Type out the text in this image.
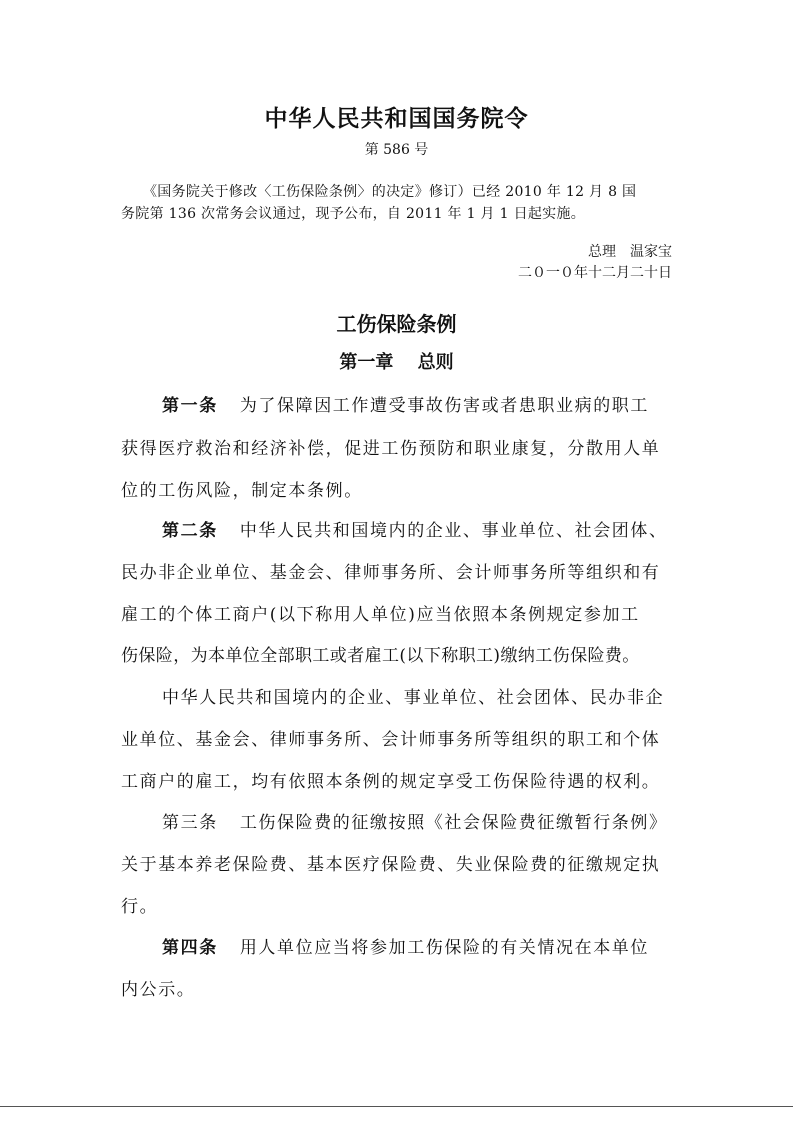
中华人民共和国国务院令
第 586 号
《国务院关于修改〈工伤保险条例〉的决定》修订）已经 2010 年 12 月 8 国
务院第 136 次常务会议通过，现予公布，自 2011 年 1 月 1 日起实施。
总理　温家宝
二０一０年十二月二十日
工伤保险条例
第一章　 总则
第一条 为了保障因工作遭受事故伤害或者患职业病的职工
获得医疗救治和经济补偿，促进工伤预防和职业康复，分散用人单
位的工伤风险，制定本条例。
第二条 中华人民共和国境内的企业、事业单位、社会团体、
民办非企业单位、基金会、律师事务所、会计师事务所等组织和有
雇工的个体工商户(以下称用人单位)应当依照本条例规定参加工
伤保险，为本单位全部职工或者雇工(以下称职工)缴纳工伤保险费。
中华人民共和国境内的企业、事业单位、社会团体、民办非企
业单位、基金会、律师事务所、会计师事务所等组织的职工和个体
工商户的雇工，均有依照本条例的规定享受工伤保险待遇的权利。
第三条 工伤保险费的征缴按照《社会保险费征缴暂行条例》
关于基本养老保险费、基本医疗保险费、失业保险费的征缴规定执
行。
第四条 用人单位应当将参加工伤保险的有关情况在本单位
内公示。
